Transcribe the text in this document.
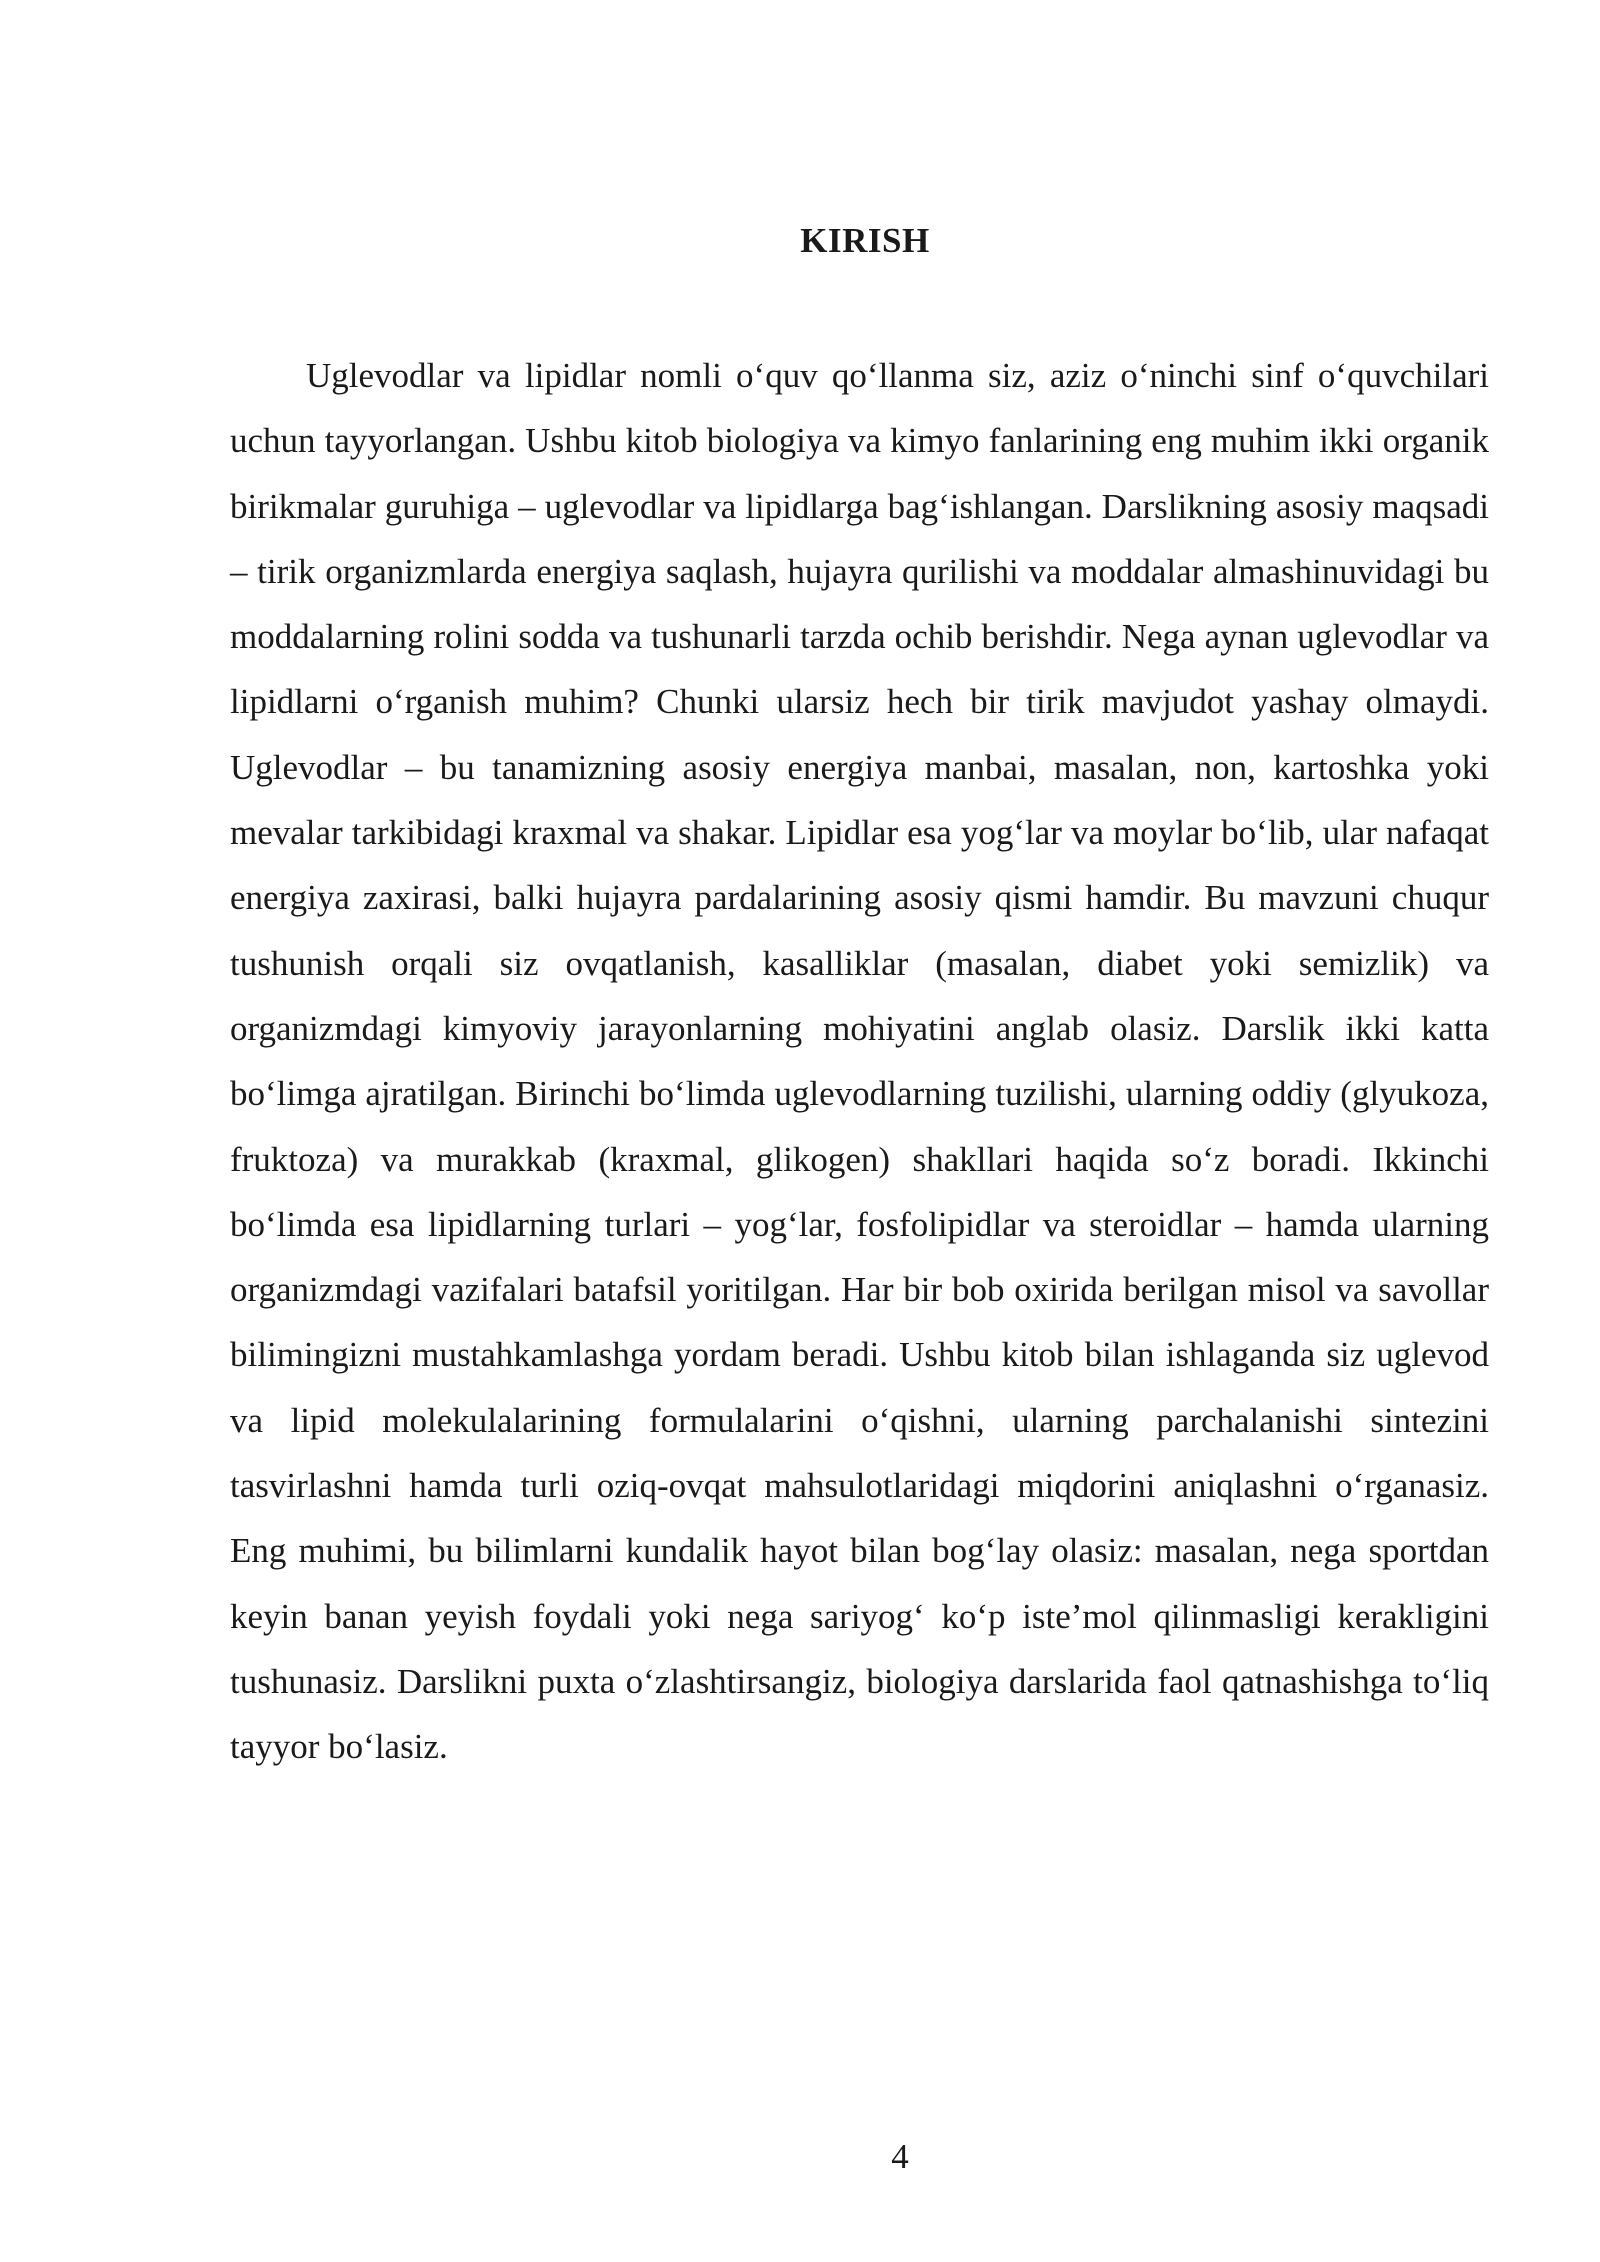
KIRISH

Uglevodlar va lipidlar nomli o‘quv qo‘llanma siz, aziz o‘ninchi sinf o‘quvchilari uchun tayyorlangan. Ushbu kitob biologiya va kimyo fanlarining eng muhim ikki organik birikmalar guruhiga – uglevodlar va lipidlarga bag‘ishlangan. Darslikning asosiy maqsadi – tirik organizmlarda energiya saqlash, hujayra qurilishi va moddalar almashinuvidagi bu moddalarning rolini sodda va tushunarli tarzda ochib berishdir. Nega aynan uglevodlar va lipidlarni o‘rganish muhim? Chunki ularsiz hech bir tirik mavjudot yashay olmaydi. Uglevodlar – bu tanamizning asosiy energiya manbai, masalan, non, kartoshka yoki mevalar tarkibidagi kraxmal va shakar. Lipidlar esa yog‘lar va moylar bo‘lib, ular nafaqat energiya zaxirasi, balki hujayra pardalarining asosiy qismi hamdir. Bu mavzuni chuqur tushunish orqali siz ovqatlanish, kasalliklar (masalan, diabet yoki semizlik) va organizmdagi kimyoviy jarayonlarning mohiyatini anglab olasiz. Darslik ikki katta bo‘limga ajratilgan. Birinchi bo‘limda uglevodlarning tuzilishi, ularning oddiy (glyukoza, fruktoza) va murakkab (kraxmal, glikogen) shakllari haqida so‘z boradi. Ikkinchi bo‘limda esa lipidlarning turlari – yog‘lar, fosfolipidlar va steroidlar – hamda ularning organizmdagi vazifalari batafsil yoritilgan. Har bir bob oxirida berilgan misol va savollar bilimingizni mustahkamlashga yordam beradi. Ushbu kitob bilan ishlaganda siz uglevod va lipid molekulalarining formulalarini o‘qishni, ularning parchalanishi sintezini tasvirlashni hamda turli oziq-ovqat mahsulotlaridagi miqdorini aniqlashni o‘rganasiz. Eng muhimi, bu bilimlarni kundalik hayot bilan bog‘lay olasiz: masalan, nega sportdan keyin banan yeyish foydali yoki nega sariyog‘ ko‘p iste’mol qilinmasligi kerakligini tushunasiz. Darslikni puxta o‘zlashtirsangiz, biologiya darslarida faol qatnashishga to‘liq tayyor bo‘lasiz.

4
